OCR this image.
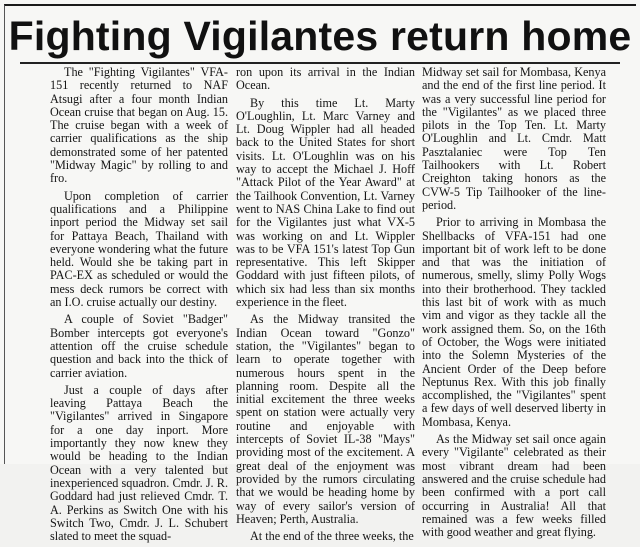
Fighting Vigilantes return home

The "Fighting Vigilantes" VFA-151 recently returned to NAF Atsugi after a four month Indian Ocean cruise that began on Aug. 15. The cruise began with a week of carrier qualifications as the ship demonstrated some of her patented "Midway Magic" by rolling to and fro.

Upon completion of carrier qualifications and a Philippine inport period the Midway set sail for Pattaya Beach, Thailand with everyone wondering what the future held. Would she be taking part in PAC-EX as scheduled or would the mess deck rumors be correct with an I.O. cruise actually our destiny.

A couple of Soviet "Badger" Bomber intercepts got everyone's attention off the cruise schedule question and back into the thick of carrier aviation.

Just a couple of days after leaving Pattaya Beach the "Vigilantes" arrived in Singapore for a one day inport. More importantly they now knew they would be heading to the Indian Ocean with a very talented but inexperienced squadron. Cmdr. J. R. Goddard had just relieved Cmdr. T. A. Perkins as Switch One with his Switch Two, Cmdr. J. L. Schubert slated to meet the squad-

ron upon its arrival in the Indian Ocean.

By this time Lt. Marty O'Loughlin, Lt. Marc Varney and Lt. Doug Wippler had all headed back to the United States for short visits. Lt. O'Loughlin was on his way to accept the Michael J. Hoff "Attack Pilot of the Year Award" at the Tailhook Convention, Lt. Varney went to NAS China Lake to find out for the Vigilantes just what VX-5 was working on and Lt. Wippler was to be VFA 151's latest Top Gun representative. This left Skipper Goddard with just fifteen pilots, of which six had less than six months experience in the fleet.

As the Midway transited the Indian Ocean toward "Gonzo" station, the "Vigilantes" began to learn to operate together with numerous hours spent in the planning room. Despite all the initial excitement the three weeks spent on station were actually very routine and enjoyable with intercepts of Soviet IL-38 "Mays" providing most of the excitement. A great deal of the enjoyment was provided by the rumors circulating that we would be heading home by way of every sailor's version of Heaven; Perth, Australia.

At the end of the three weeks, the

Midway set sail for Mombasa, Kenya and the end of the first line period. It was a very successful line period for the "Vigilantes" as we placed three pilots in the Top Ten. Lt. Marty O'Loughlin and Lt. Cmdr. Matt Pasztalaniec were Top Ten Tailhookers with Lt. Robert Creighton taking honors as the CVW-5 Tip Tailhooker of the line-period.

Prior to arriving in Mombasa the Shellbacks of VFA-151 had one important bit of work left to be done and that was the initiation of numerous, smelly, slimy Polly Wogs into their brotherhood. They tackled this last bit of work with as much vim and vigor as they tackle all the work assigned them. So, on the 16th of October, the Wogs were initiated into the Solemn Mysteries of the Ancient Order of the Deep before Neptunus Rex. With this job finally accomplished, the "Vigilantes" spent a few days of well deserved liberty in Mombasa, Kenya.

As the Midway set sail once again every "Vigilante" celebrated as their most vibrant dream had been answered and the cruise schedule had been confirmed with a port call occurring in Australia! All that remained was a few weeks filled with good weather and great flying.
